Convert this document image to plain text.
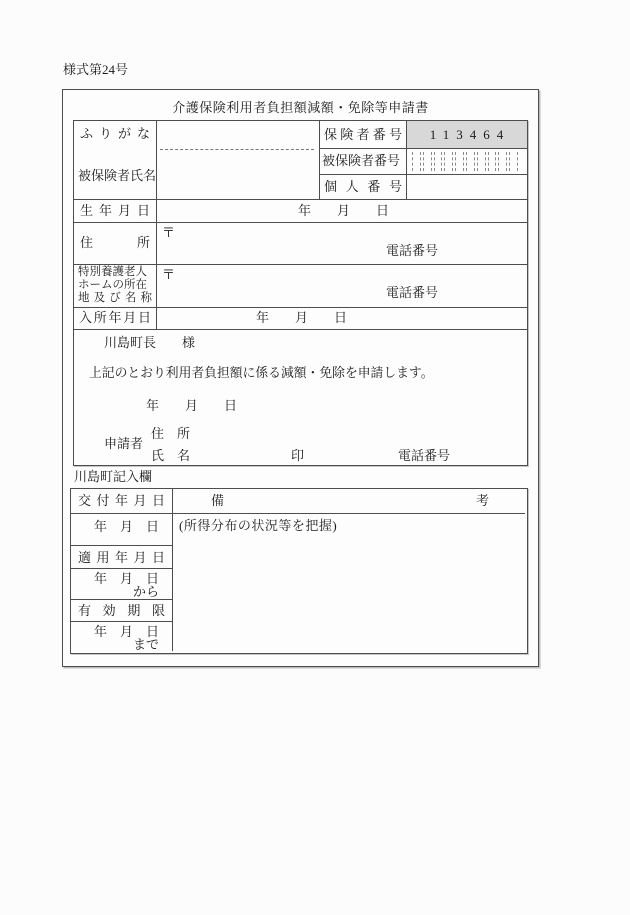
様式第24号
介護保険利用者負担額減額・免除等申請書
ふ り が な
被保険者氏名
保 険 者 番 号	113464
被保険者番号
個 人 番 号
生 年 月 日	年　　月　　日
住	所
〒
電話番号
特別養護老人
ホームの所在
地 及 び 名 称
〒
電話番号
入 所 年 月 日	年　　月　　日
川島町長　　様
上記のとおり利用者負担額に係る減額・免除を申請します。
年　　月　　日
申請者
住　所
氏　名	印	電話番号
川島町記入欄
交 付 年 月 日	備	考
年　月　日 (所得分布の状況等を把握)
適 用 年 月 日
年　月　日
から
有 効 期 限
年　月　日
まで
